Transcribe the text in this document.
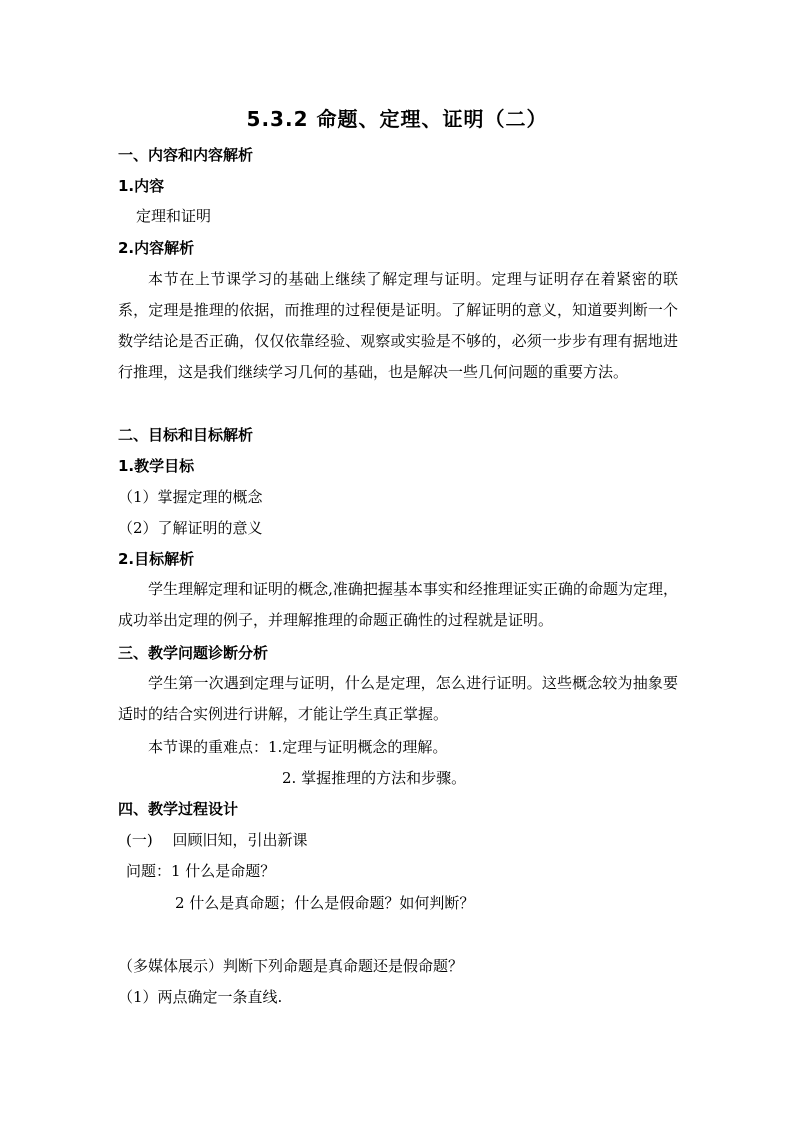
5.3.2 命题、定理、证明（二）
一、内容和内容解析
1.内容
定理和证明
2.内容解析
本节在上节课学习的基础上继续了解定理与证明。定理与证明存在着紧密的联系，定理是推理的依据，而推理的过程便是证明。了解证明的意义，知道要判断一个数学结论是否正确，仅仅依靠经验、观察或实验是不够的，必须一步步有理有据地进行推理，这是我们继续学习几何的基础，也是解决一些几何问题的重要方法。
二、目标和目标解析
1.教学目标
（1）掌握定理的概念
（2）了解证明的意义
2.目标解析
学生理解定理和证明的概念,准确把握基本事实和经推理证实正确的命题为定理，成功举出定理的例子，并理解推理的命题正确性的过程就是证明。
三、教学问题诊断分析
学生第一次遇到定理与证明，什么是定理，怎么进行证明。这些概念较为抽象要适时的结合实例进行讲解，才能让学生真正掌握。
本节课的重难点：1.定理与证明概念的理解。
2. 掌握推理的方法和步骤。
四、教学过程设计
(一)　 回顾旧知，引出新课
问题：1 什么是命题？
2 什么是真命题；什么是假命题？如何判断？
（多媒体展示）判断下列命题是真命题还是假命题？
（1）两点确定一条直线.
